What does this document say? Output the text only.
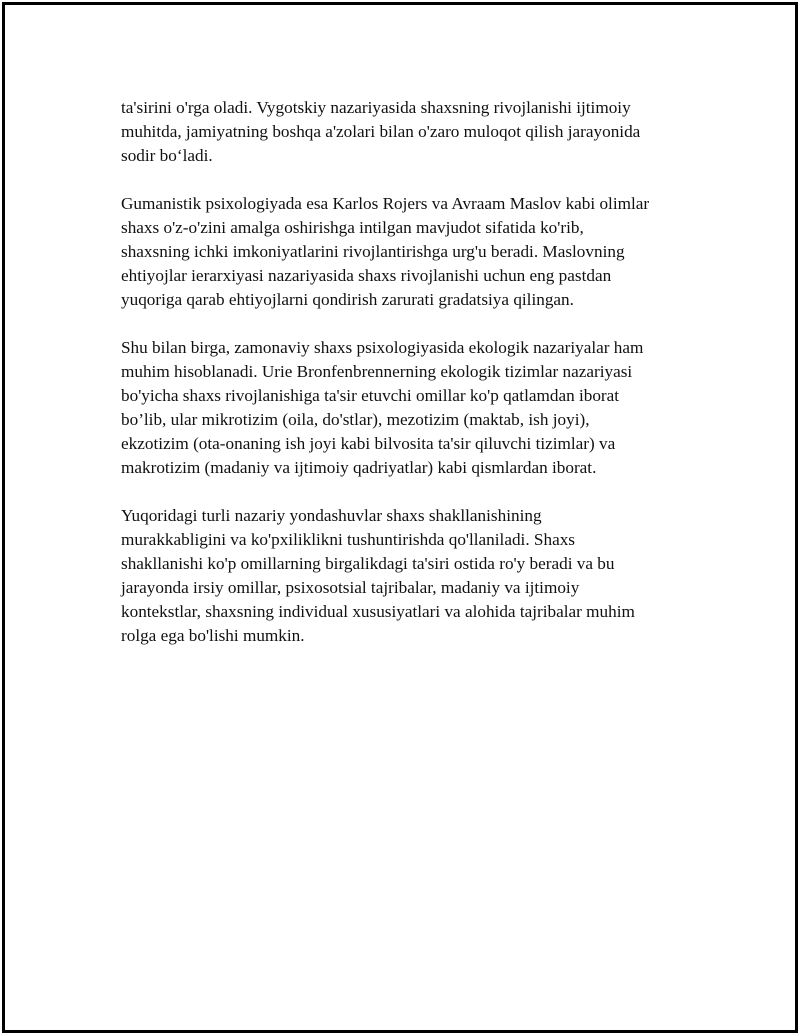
ta'sirini o'rga oladi. Vygotskiy nazariyasida shaxsning rivojlanishi ijtimoiy
muhitda, jamiyatning boshqa a'zolari bilan o'zaro muloqot qilish jarayonida
sodir bo‘ladi.

Gumanistik psixologiyada esa Karlos Rojers va Avraam Maslov kabi olimlar
shaxs o'z-o'zini amalga oshirishga intilgan mavjudot sifatida ko'rib,
shaxsning ichki imkoniyatlarini rivojlantirishga urg'u beradi. Maslovning
ehtiyojlar ierarxiyasi nazariyasida shaxs rivojlanishi uchun eng pastdan
yuqoriga qarab ehtiyojlarni qondirish zarurati gradatsiya qilingan.

Shu bilan birga, zamonaviy shaxs psixologiyasida ekologik nazariyalar ham
muhim hisoblanadi. Urie Bronfenbrennerning ekologik tizimlar nazariyasi
bo'yicha shaxs rivojlanishiga ta'sir etuvchi omillar ko'p qatlamdan iborat
bo’lib, ular mikrotizim (oila, do'stlar), mezotizim (maktab, ish joyi),
ekzotizim (ota-onaning ish joyi kabi bilvosita ta'sir qiluvchi tizimlar) va
makrotizim (madaniy va ijtimoiy qadriyatlar) kabi qismlardan iborat.

Yuqoridagi turli nazariy yondashuvlar shaxs shakllanishining
murakkabligini va ko'pxiliklikni tushuntirishda qo'llaniladi. Shaxs
shakllanishi ko'p omillarning birgalikdagi ta'siri ostida ro'y beradi va bu
jarayonda irsiy omillar, psixosotsial tajribalar, madaniy va ijtimoiy
kontekstlar, shaxsning individual xususiyatlari va alohida tajribalar muhim
rolga ega bo'lishi mumkin.
